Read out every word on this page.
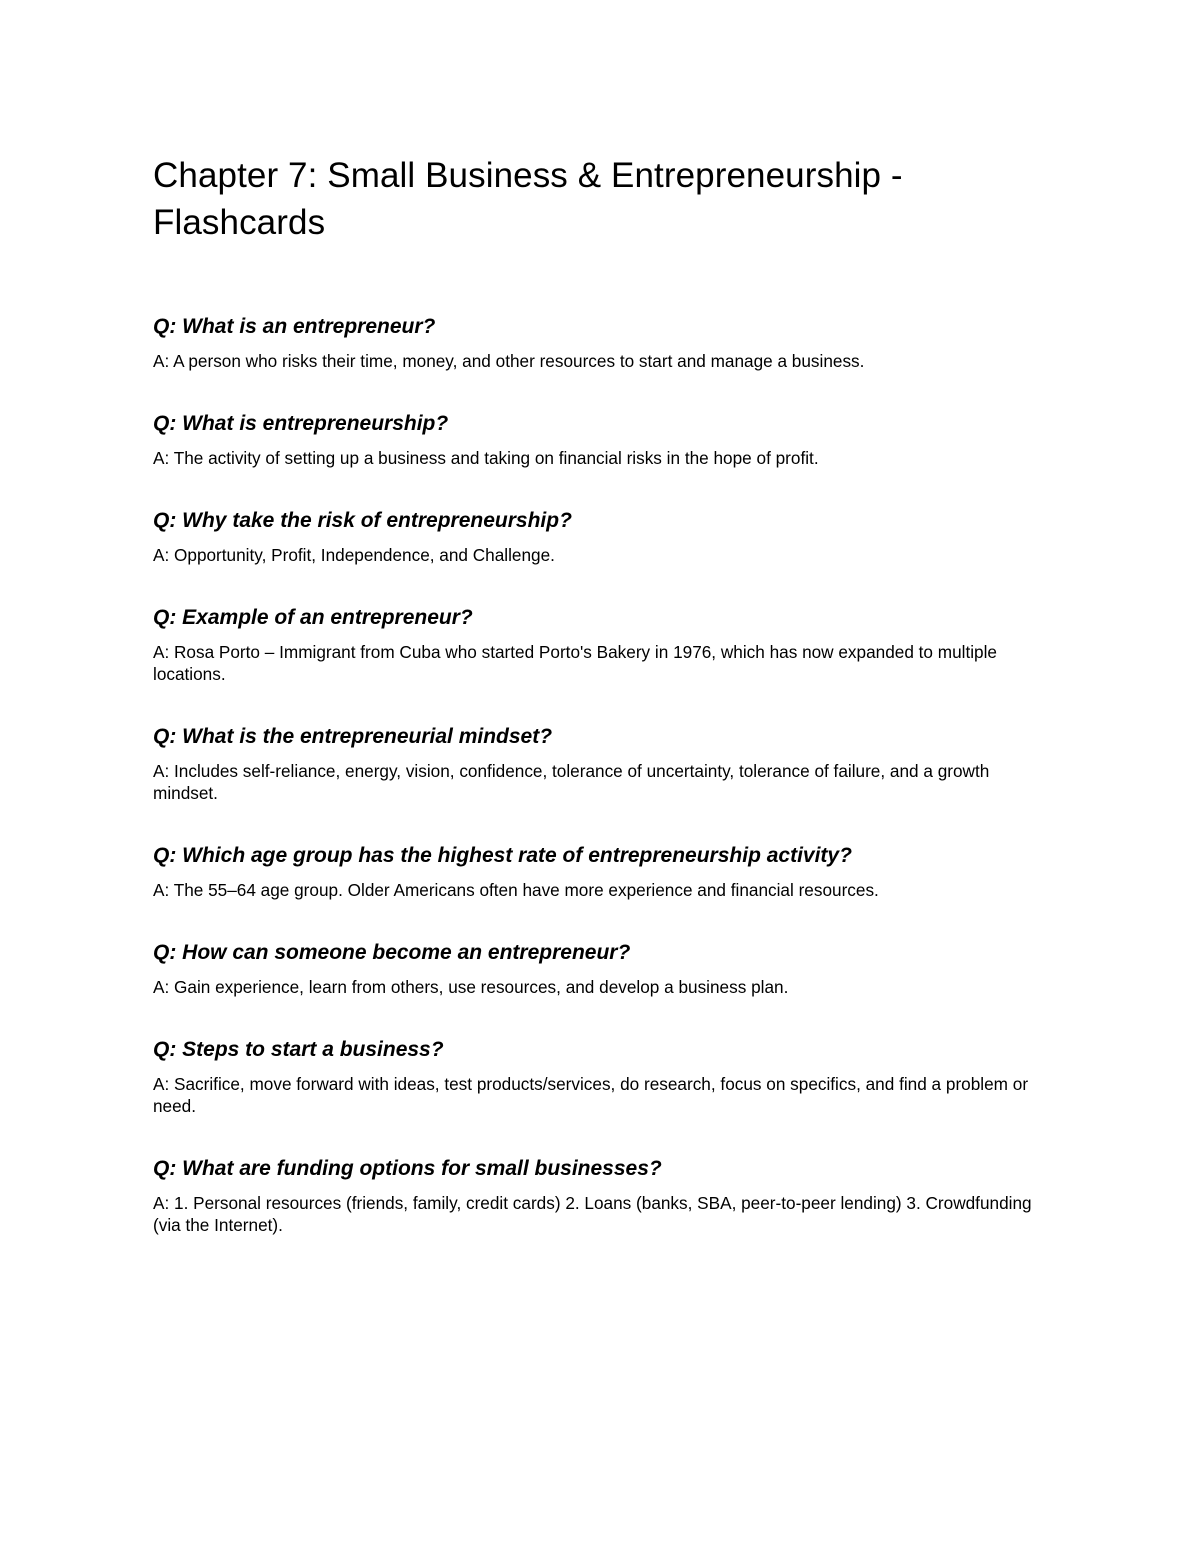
Chapter 7: Small Business & Entrepreneurship - Flashcards

Q: What is an entrepreneur?

A: A person who risks their time, money, and other resources to start and manage a business.

Q: What is entrepreneurship?

A: The activity of setting up a business and taking on financial risks in the hope of profit.

Q: Why take the risk of entrepreneurship?

A: Opportunity, Profit, Independence, and Challenge.

Q: Example of an entrepreneur?

A: Rosa Porto – Immigrant from Cuba who started Porto's Bakery in 1976, which has now expanded to multiple locations.

Q: What is the entrepreneurial mindset?

A: Includes self-reliance, energy, vision, confidence, tolerance of uncertainty, tolerance of failure, and a growth mindset.

Q: Which age group has the highest rate of entrepreneurship activity?

A: The 55–64 age group. Older Americans often have more experience and financial resources.

Q: How can someone become an entrepreneur?

A: Gain experience, learn from others, use resources, and develop a business plan.

Q: Steps to start a business?

A: Sacrifice, move forward with ideas, test products/services, do research, focus on specifics, and find a problem or need.

Q: What are funding options for small businesses?

A: 1. Personal resources (friends, family, credit cards) 2. Loans (banks, SBA, peer-to-peer lending) 3. Crowdfunding (via the Internet).
